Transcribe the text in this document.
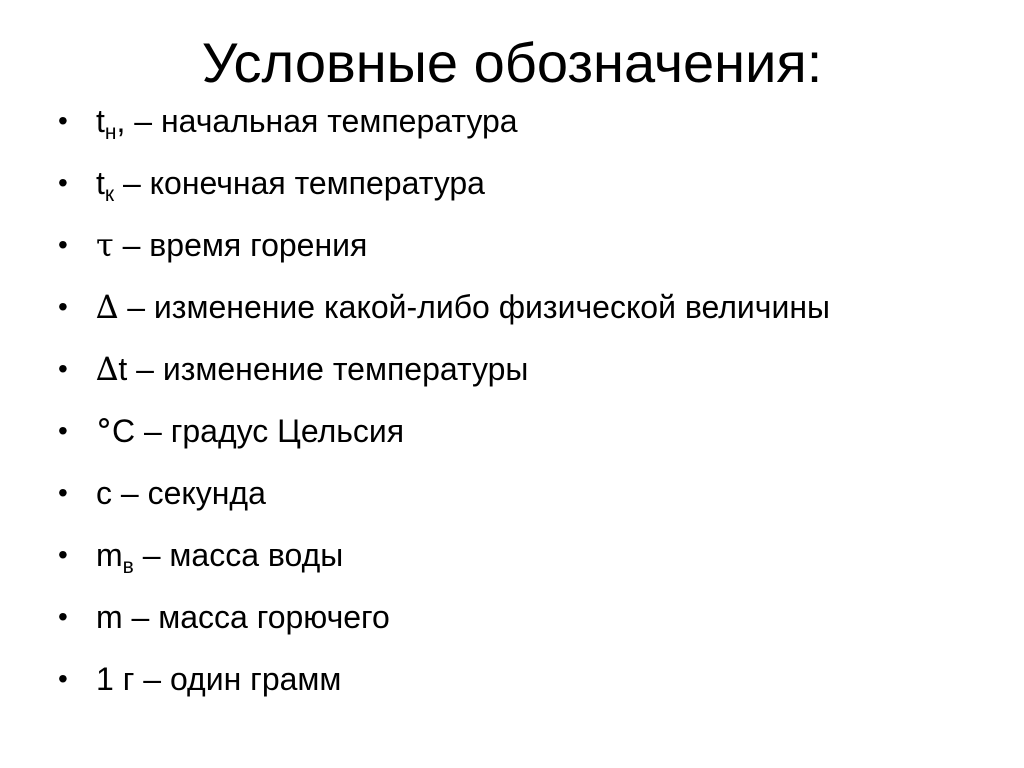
Условные обозначения:
• $t_н$, – начальная температура
• $t_к$ – конечная температура
• τ – время горения
• ∆ – изменение какой-либо физической величины
• ∆t – изменение температуры
• °С – градус Цельсия
• с – секунда
• $m_в$ – масса воды
• m – масса горючего
• 1 г – один грамм
